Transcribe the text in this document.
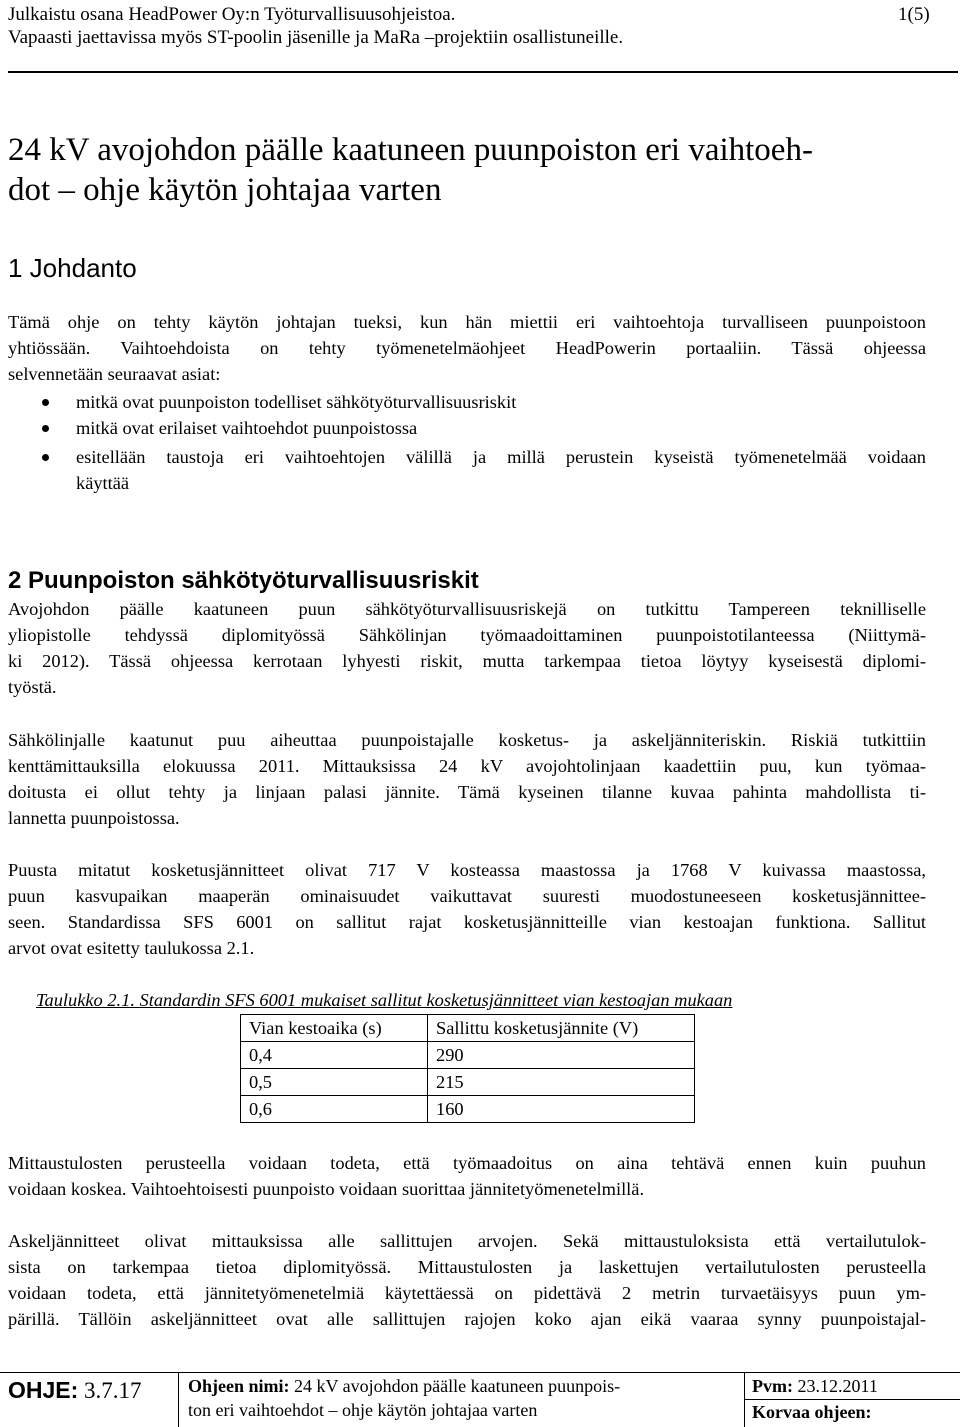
Julkaistu osana HeadPower Oy:n Työturvallisuusohjeistoa.
Vapaasti jaettavissa myös ST-poolin jäsenille ja MaRa –projektiin osallistuneille.
1(5)
24 kV avojohdon päälle kaatuneen puunpoiston eri vaihtoeh-
dot – ohje käytön johtajaa varten
1 Johdanto
Tämä ohje on tehty käytön johtajan tueksi, kun hän miettii eri vaihtoehtoja turvalliseen puunpoistoon
yhtiössään. Vaihtoehdoista on tehty työmenetelmäohjeet HeadPowerin portaaliin. Tässä ohjeessa
selvennetään seuraavat asiat:
mitkä ovat puunpoiston todelliset sähkötyöturvallisuusriskit
mitkä ovat erilaiset vaihtoehdot puunpoistossa
esitellään taustoja eri vaihtoehtojen välillä ja millä perustein kyseistä työmenetelmää voidaan
käyttää
2 Puunpoiston sähkötyöturvallisuusriskit
Avojohdon päälle kaatuneen puun sähkötyöturvallisuusriskejä on tutkittu Tampereen teknilliselle
yliopistolle tehdyssä diplomityössä Sähkölinjan työmaadoittaminen puunpoistotilanteessa (Niittymä-
ki 2012). Tässä ohjeessa kerrotaan lyhyesti riskit, mutta tarkempaa tietoa löytyy kyseisestä diplomi-
työstä.
Sähkölinjalle kaatunut puu aiheuttaa puunpoistajalle kosketus- ja askeljänniteriskin. Riskiä tutkittiin
kenttämittauksilla elokuussa 2011. Mittauksissa 24 kV avojohtolinjaan kaadettiin puu, kun työmaa-
doitusta ei ollut tehty ja linjaan palasi jännite. Tämä kyseinen tilanne kuvaa pahinta mahdollista ti-
lannetta puunpoistossa.
Puusta mitatut kosketusjännitteet olivat 717 V kosteassa maastossa ja 1768 V kuivassa maastossa,
puun kasvupaikan maaperän ominaisuudet vaikuttavat suuresti muodostuneeseen kosketusjännittee-
seen. Standardissa SFS 6001 on sallitut rajat kosketusjännitteille vian kestoajan funktiona. Sallitut
arvot ovat esitetty taulukossa 2.1.
Taulukko 2.1. Standardin SFS 6001 mukaiset sallitut kosketusjännitteet vian kestoajan mukaan
Vian kestoaika (s)	Sallittu kosketusjännite (V)
0,4	290
0,5	215
0,6	160
Mittaustulosten perusteella voidaan todeta, että työmaadoitus on aina tehtävä ennen kuin puuhun
voidaan koskea. Vaihtoehtoisesti puunpoisto voidaan suorittaa jännitetyömenetelmillä.
Askeljännitteet olivat mittauksissa alle sallittujen arvojen. Sekä mittaustuloksista että vertailutulok-
sista on tarkempaa tietoa diplomityössä. Mittaustulosten ja laskettujen vertailutulosten perusteella
voidaan todeta, että jännitetyömenetelmiä käytettäessä on pidettävä 2 metrin turvaetäisyys puun ym-
pärillä. Tällöin askeljännitteet ovat alle sallittujen rajojen koko ajan eikä vaaraa synny puunpoistajal-
OHJE: 3.7.17	Ohjeen nimi: 24 kV avojohdon päälle kaatuneen puunpois-
ton eri vaihtoehdot – ohje käytön johtajaa varten
Pvm: 23.12.2011
Korvaa ohjeen:
